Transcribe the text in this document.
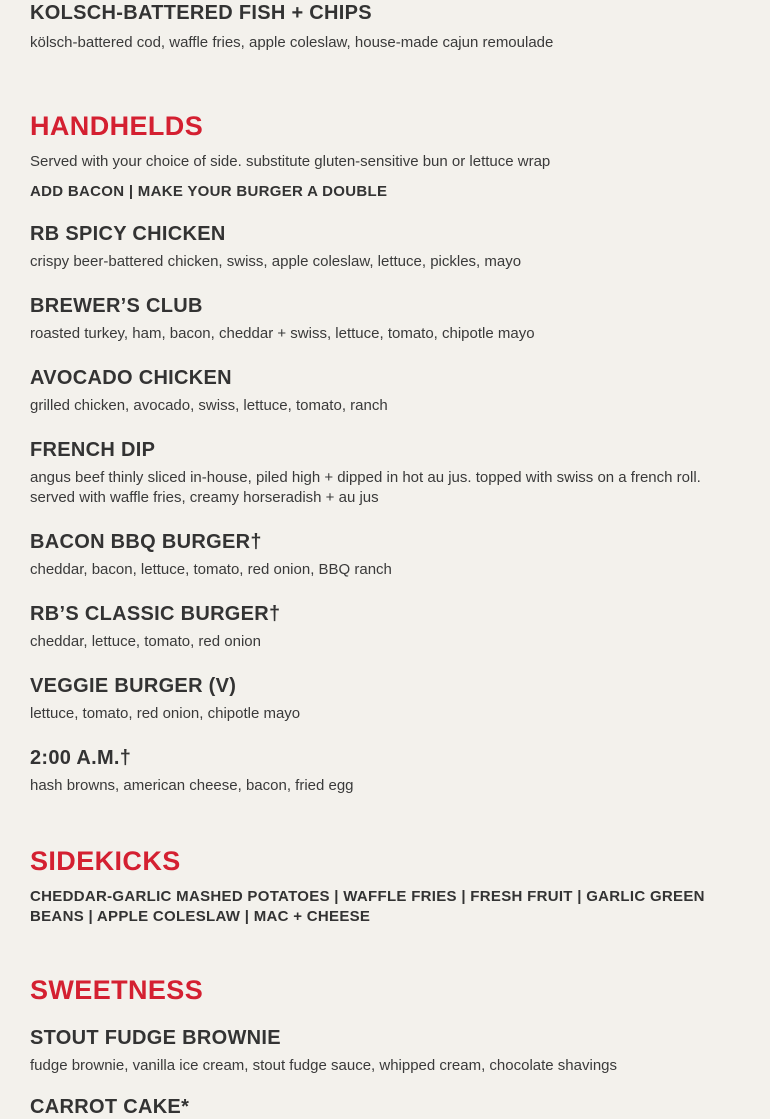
KOLSCH-BATTERED FISH + CHIPS

kölsch-battered cod, waffle fries, apple coleslaw, house-made cajun remoulade

HANDHELDS

Served with your choice of side. substitute gluten-sensitive bun or lettuce wrap

ADD BACON | MAKE YOUR BURGER A DOUBLE

RB SPICY CHICKEN

crispy beer-battered chicken, swiss, apple coleslaw, lettuce, pickles, mayo

BREWER’S CLUB

roasted turkey, ham, bacon, cheddar + swiss, lettuce, tomato, chipotle mayo

AVOCADO CHICKEN

grilled chicken, avocado, swiss, lettuce, tomato, ranch

FRENCH DIP

angus beef thinly sliced in-house, piled high + dipped in hot au jus. topped with swiss on a french roll. served with waffle fries, creamy horseradish + au jus

BACON BBQ BURGER†

cheddar, bacon, lettuce, tomato, red onion, BBQ ranch

RB’S CLASSIC BURGER†

cheddar, lettuce, tomato, red onion

VEGGIE BURGER (V)

lettuce, tomato, red onion, chipotle mayo

2:00 A.M.†

hash browns, american cheese, bacon, fried egg

SIDEKICKS

CHEDDAR-GARLIC MASHED POTATOES | WAFFLE FRIES | FRESH FRUIT | GARLIC GREEN BEANS | APPLE COLESLAW | MAC + CHEESE

SWEETNESS
STOUT FUDGE BROWNIE

fudge brownie, vanilla ice cream, stout fudge sauce, whipped cream, chocolate shavings

CARROT CAKE*
